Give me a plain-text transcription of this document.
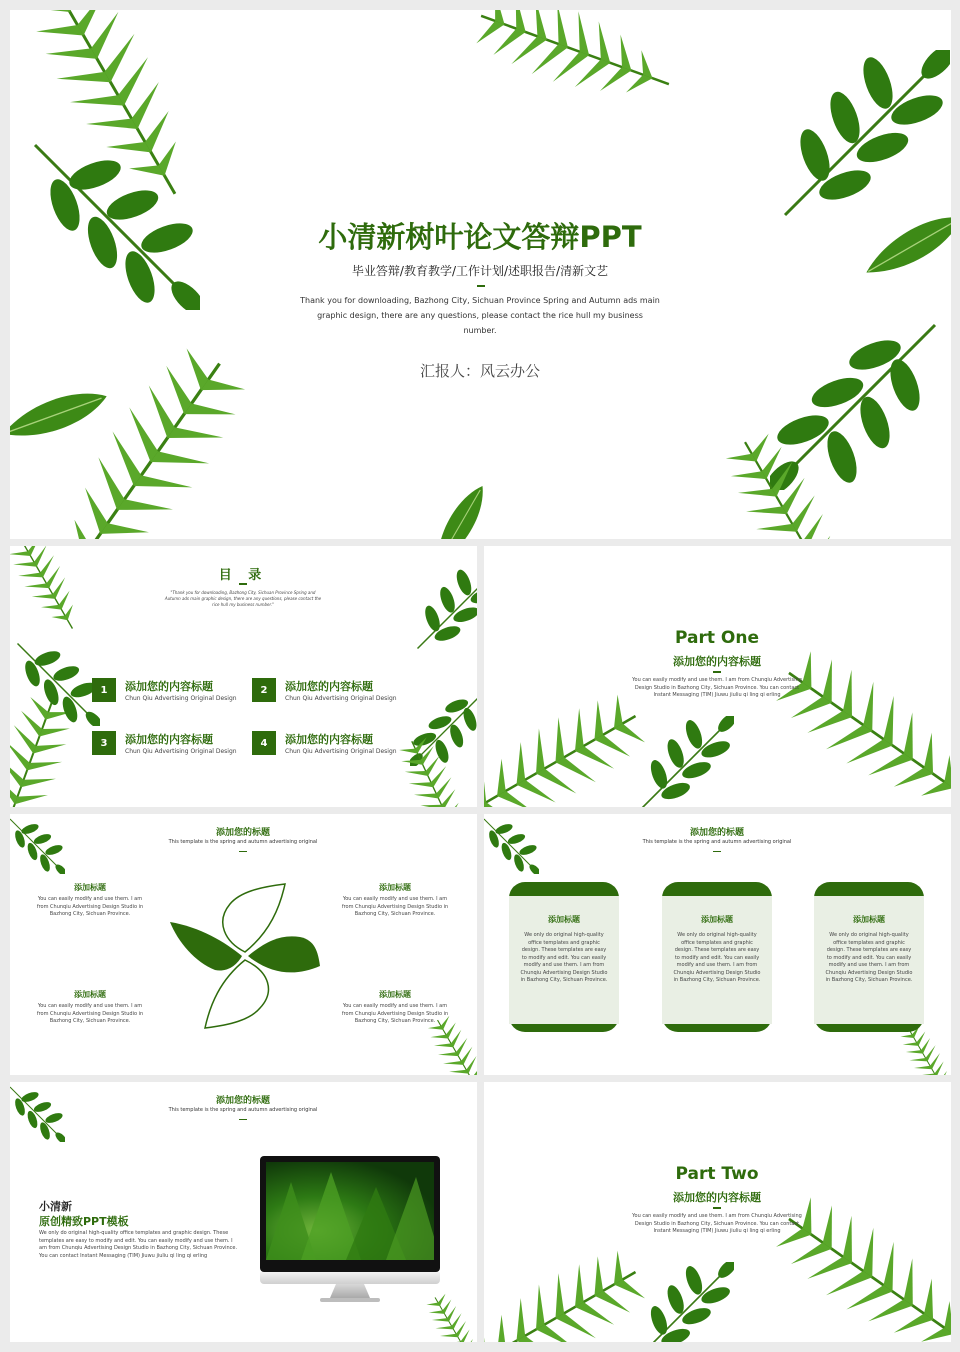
小清新树叶论文答辩PPT
毕业答辩/教育教学/工作计划/述职报告/清新文艺
Thank you for downloading, Bazhong City, Sichuan Province Spring and Autumn ads main graphic design, there are any questions, please contact the rice hull my business number.
汇报人：风云办公
目 录
"Thank you for downloading, Bazhong City, Sichuan Province Spring and Autumn ads main graphic design, there are any questions, please contact the rice hull my business number."
1	添加您的内容标题
Chun Qiu Advertising Original Design
2	添加您的内容标题
Chun Qiu Advertising Original Design
3	添加您的内容标题
Chun Qiu Advertising Original Design
4	添加您的内容标题
Chun Qiu Advertising Original Design
Part One
添加您的内容标题
You can easily modify and use them. I am from Chunqiu Advertising Design Studio in Bazhong City, Sichuan Province. You can contact Instant Messaging (TIM) Jiuwu jiuliu qi ling qi erling
添加您的标题
This template is the spring and autumn advertising original
添加标题
You can easily modify and use them. I am from Chunqiu Advertising Design Studio in Bazhong City, Sichuan Province.
添加标题
You can easily modify and use them. I am from Chunqiu Advertising Design Studio in Bazhong City, Sichuan Province.
添加标题
You can easily modify and use them. I am from Chunqiu Advertising Design Studio in Bazhong City, Sichuan Province.
添加标题
You can easily modify and use them. I am from Chunqiu Advertising Design Studio in Bazhong City, Sichuan Province.
添加您的标题
This template is the spring and autumn advertising original
添加标题
We only do original high-quality office templates and graphic design. These templates are easy to modify and edit. You can easily modify and use them. I am from Chunqiu Advertising Design Studio in Bazhong City, Sichuan Province.
添加标题
We only do original high-quality office templates and graphic design. These templates are easy to modify and edit. You can easily modify and use them. I am from Chunqiu Advertising Design Studio in Bazhong City, Sichuan Province.
添加标题
We only do original high-quality office templates and graphic design. These templates are easy to modify and edit. You can easily modify and use them. I am from Chunqiu Advertising Design Studio in Bazhong City, Sichuan Province.
添加您的标题
This template is the spring and autumn advertising original
小清新
原创精致PPT模板
We only do original high-quality office templates and graphic design. These templates are easy to modify and edit. You can easily modify and use them. I am from Chunqiu Advertising Design Studio in Bazhong City, Sichuan Province. You can contact Instant Messaging (TIM) Jiuwu jiuliu qi ling qi erling
Part Two
添加您的内容标题
You can easily modify and use them. I am from Chunqiu Advertising Design Studio in Bazhong City, Sichuan Province. You can contact Instant Messaging (TIM) Jiuwu jiuliu qi ling qi erling
